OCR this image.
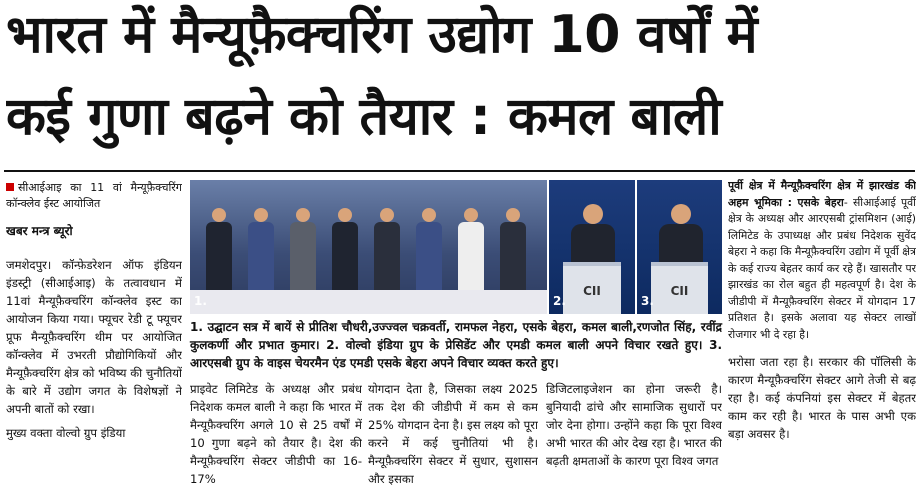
भारत में मैन्यूफ़ैक्चरिंग उद्योग 10 वर्षों में
कई गुणा बढ़ने को तैयार : कमल बाली
सीआईआइ का 11 वां मैन्यूफ़ैक्चरिंग कॉन्क्लेव ईस्ट आयोजित
खबर मन्त्र ब्यूरो

जमशेदपुर। कॉन्फ़ेडरेशन ऑफ इंडियन इंडस्ट्री (सीआईआइ) के तत्वावधान में 11वां मैन्यूफ़ैक्चरिंग कॉन्क्लेव इस्ट का आयोजन किया गया। फ्यूचर रेडी टू फ्यूचर प्रूफ मैन्यूफ़ैक्चरिंग थीम पर आयोजित कॉन्क्लेव में उभरती प्रौद्योगिकियों और मैन्यूफ़ैक्चरिंग क्षेत्र को भविष्य की चुनौतियों के बारे में उद्योग जगत के विशेषज्ञों ने अपनी बातों को रखा।

मुख्य वक्ता वोल्वो ग्रुप इंडिया

1.
CII
2.
CII
3.
1. उद्घाटन सत्र में बायें से प्रीतिश चौधरी,उज्ज्वल चक्रवर्ती, रामफल नेहरा, एसके बेहरा, कमल बाली,रणजोत सिंह, रवींद्र कुलकर्णी और प्रभात कुमार। 2. वोल्वो इंडिया ग्रुप के प्रेसिडेंट और एमडी कमल बाली अपने विचार रखते हुए। 3. आरएसबी ग्रुप के वाइस चेयरमैन एंड एमडी एसके बेहरा अपने विचार व्यक्त करते हुए।

प्राइवेट लिमिटेड के अध्यक्ष और प्रबंध निदेशक कमल बाली ने कहा कि भारत में मैन्यूफ़ैक्चरिंग अगले 10 से 25 वर्षों में 10 गुणा बढ़ने को तैयार है। देश की मैन्यूफ़ैक्चरिंग सेक्टर जीडीपी का 16-17%

योगदान देता है, जिसका लक्ष्य 2025 तक देश की जीडीपी में कम से कम 25% योगदान देना है। इस लक्ष्य को पूरा करने में कई चुनौतियां भी है। मैन्यूफ़ैक्चरिंग सेक्टर में सुधार, सुशासन और इसका

डिजिटलाइजेशन का होना जरूरी है। बुनियादी ढांचे और सामाजिक सुधारों पर जोर देना होगा। उन्होंने कहा कि पूरा विश्व अभी भारत की ओर देख रहा है। भारत की बढ़ती क्षमताओं के कारण पूरा विश्व जगत

पूर्वी क्षेत्र में मैन्यूफ़ैक्चरिंग क्षेत्र में झारखंड की अहम भूमिका : एसके बेहरा- सीआईआई पूर्वी क्षेत्र के अध्यक्ष और आरएसबी ट्रांसमिशन (आई) लिमिटेड के उपाध्यक्ष और प्रबंध निदेशक सुवेंद बेहरा ने कहा कि मैन्यूफ़ैक्चरिंग उद्योग में पूर्वी क्षेत्र के कई राज्य बेहतर कार्य कर रहे हैं। खासतौर पर झारखंड का रोल बहुत ही महत्वपूर्ण है। देश के जीडीपी में मैन्यूफ़ैक्चरिंग सेक्टर में योगदान 17 प्रतिशत है। इसके अलावा यह सेक्टर लाखों रोजगार भी दे रहा है।

भरोसा जता रहा है। सरकार की पॉलिसी के कारण मैन्यूफ़ैक्चरिंग सेक्टर आगे तेजी से बढ़ रहा है। कई कंपनियां इस सेक्टर में बेहतर काम कर रही है। भारत के पास अभी एक बड़ा अवसर है।
